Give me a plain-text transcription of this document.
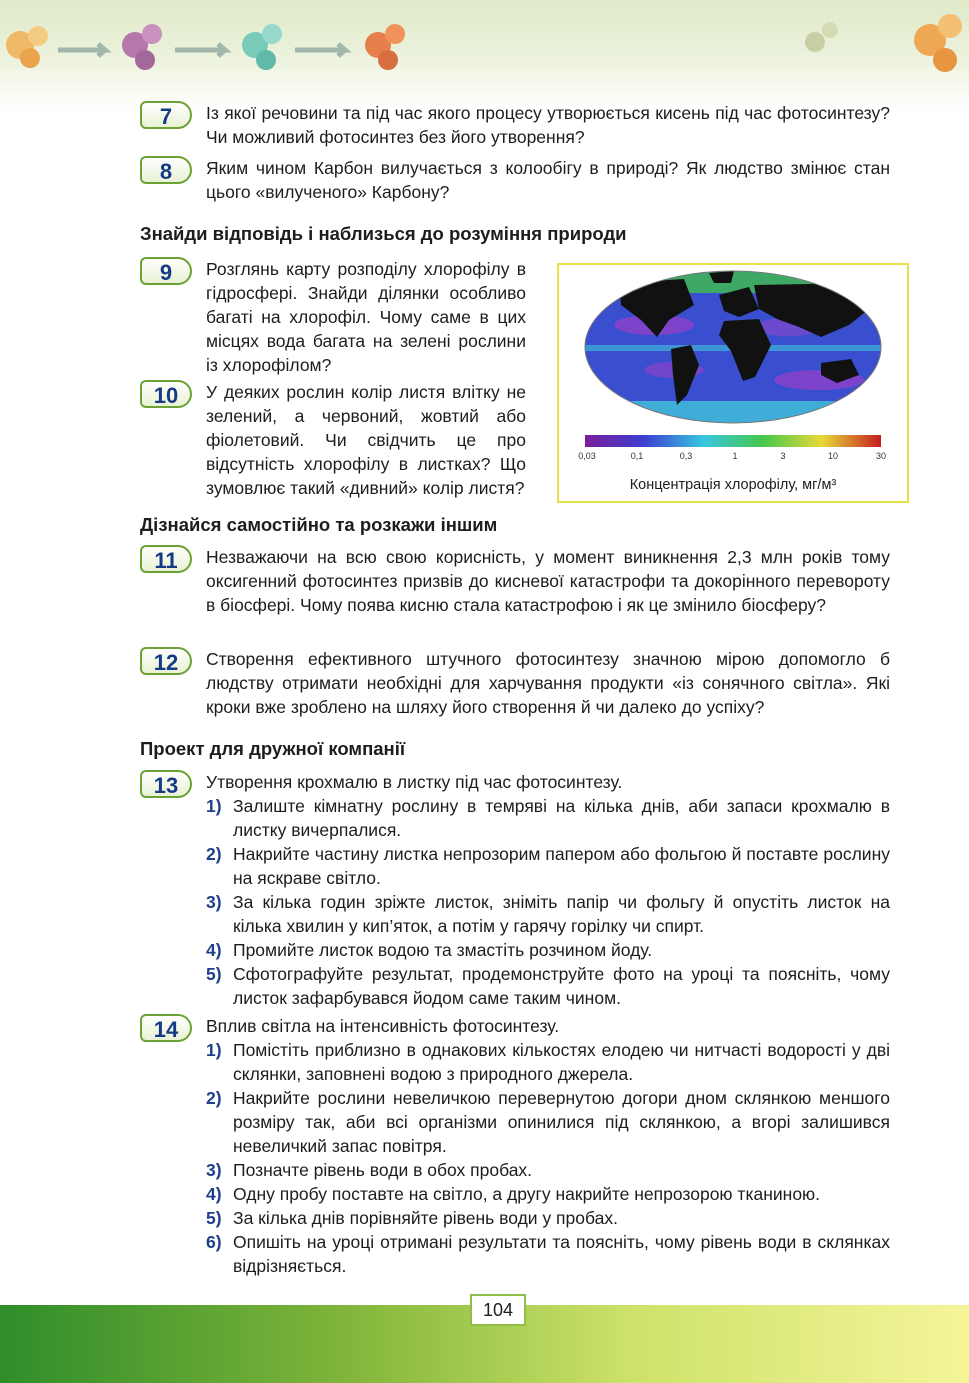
7	Із якої речовини та під час якого процесу утворюється кисень під час фотосинтезу? Чи можливий фотосинтез без його утворення?
8	Яким чином Карбон вилучається з колообігу в природі? Як людство змінює стан цього «вилученого» Карбону?
Знайди відповідь і наблизься до розуміння природи
9	Розглянь карту розподілу хлорофілу в гідросфері. Знайди ділянки особливо багаті на хлорофіл. Чому саме в цих місцях вода багата на зелені рослини із хлорофілом?
10	У деяких рослин колір листя влітку не зелений, а червоний, жовтий або фіолетовий. Чи свідчить це про відсутність хлорофілу в листках? Що зумовлює такий «дивний» колір листя?
0,03	0,1	0,3	1	3	10	30
Концентрація хлорофілу, мг/м³
Дізнайся самостійно та розкажи іншим
11	Незважаючи на всю свою корисність, у момент виникнення 2,3 млн років тому оксигенний фотосинтез призвів до кисневої катастрофи та докорінного перевороту в біосфері. Чому поява кисню стала катастрофою і як це змінило біосферу?
12	Створення ефективного штучного фотосинтезу значною мірою допомогло б людству отримати необхідні для харчування продукти «із сонячного світла». Які кроки вже зроблено на шляху його створення й чи далеко до успіху?
Проект для дружної компанії
13	Утворення крохмалю в листку під час фотосинтезу.
1) Залиште кімнатну рослину в темряві на кілька днів, аби запаси крохмалю в листку вичерпалися.
2) Накрийте частину листка непрозорим папером або фольгою й поставте рослину на яскраве світло.
3) За кілька годин зріжте листок, зніміть папір чи фольгу й опустіть листок на кілька хвилин у кип’яток, а потім у гарячу горілку чи спирт.
4) Промийте листок водою та змастіть розчином йоду.
5) Сфотографуйте результат, продемонструйте фото на уроці та поясніть, чому листок зафарбувався йодом саме таким чином.
14	Вплив світла на інтенсивність фотосинтезу.
1) Помістіть приблизно в однакових кількостях елодею чи нитчасті водорості у дві склянки, заповнені водою з природного джерела.
2) Накрийте рослини невеличкою перевернутою догори дном склянкою меншого розміру так, аби всі організми опинилися під склянкою, а вгорі залишився невеличкий запас повітря.
3) Позначте рівень води в обох пробах.
4) Одну пробу поставте на світло, а другу накрийте непрозорою тканиною.
5) За кілька днів порівняйте рівень води у пробах.
6) Опишіть на уроці отримані результати та поясніть, чому рівень води в склянках відрізняється.
104
